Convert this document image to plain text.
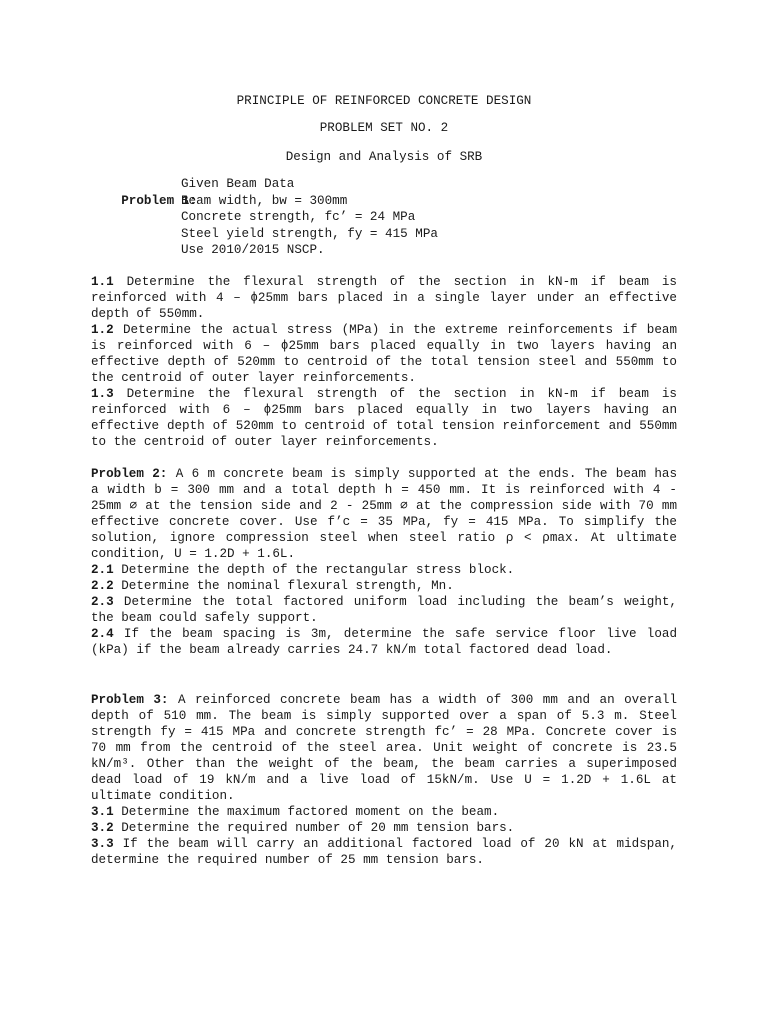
PRINCIPLE OF REINFORCED CONCRETE DESIGN
PROBLEM SET NO. 2
Design and Analysis of SRB

Problem 1:

Given Beam Data

Beam width, bw = 300mm

Concrete strength, fc’ = 24 MPa

Steel yield strength, fy = 415 MPa

Use 2010/2015 NSCP.

1.1 Determine the flexural strength of the section in kN-m if beam is reinforced with 4 – ϕ25mm bars placed in a single layer under an effective depth of 550mm.
1.2 Determine the actual stress (MPa) in the extreme reinforcements if beam is reinforced with 6 – ϕ25mm bars placed equally in two layers having an effective depth of 520mm to centroid of the total tension steel and 550mm to the centroid of outer layer reinforcements.
1.3 Determine the flexural strength of the section in kN-m if beam is reinforced with 6 – ϕ25mm bars placed equally in two layers having an effective depth of 520mm to centroid of total tension reinforcement and 550mm to the centroid of outer layer reinforcements.
Problem 2: A 6 m concrete beam is simply supported at the ends. The beam has a width b = 300 mm and a total depth h = 450 mm. It is reinforced with 4 - 25mm ⌀ at the tension side and 2 - 25mm ⌀ at the compression side with 70 mm effective concrete cover. Use f’c = 35 MPa, fy = 415 MPa. To simplify the solution, ignore compression steel when steel ratio ρ < ρmax. At ultimate condition, U = 1.2D + 1.6L.
2.1 Determine the depth of the rectangular stress block.
2.2 Determine the nominal flexural strength, Mn.
2.3 Determine the total factored uniform load including the beam’s weight, the beam could safely support.
2.4 If the beam spacing is 3m, determine the safe service floor live load (kPa) if the beam already carries 24.7 kN/m total factored dead load.
Problem 3: A reinforced concrete beam has a width of 300 mm and an overall depth of 510 mm. The beam is simply supported over a span of 5.3 m. Steel strength fy = 415 MPa and concrete strength fc’ = 28 MPa. Concrete cover is 70 mm from the centroid of the steel area. Unit weight of concrete is 23.5 kN/m³. Other than the weight of the beam, the beam carries a superimposed dead load of 19 kN/m and a live load of 15kN/m. Use U = 1.2D + 1.6L at ultimate condition.
3.1 Determine the maximum factored moment on the beam.
3.2 Determine the required number of 20 mm tension bars.
3.3 If the beam will carry an additional factored load of 20 kN at midspan, determine the required number of 25 mm tension bars.
